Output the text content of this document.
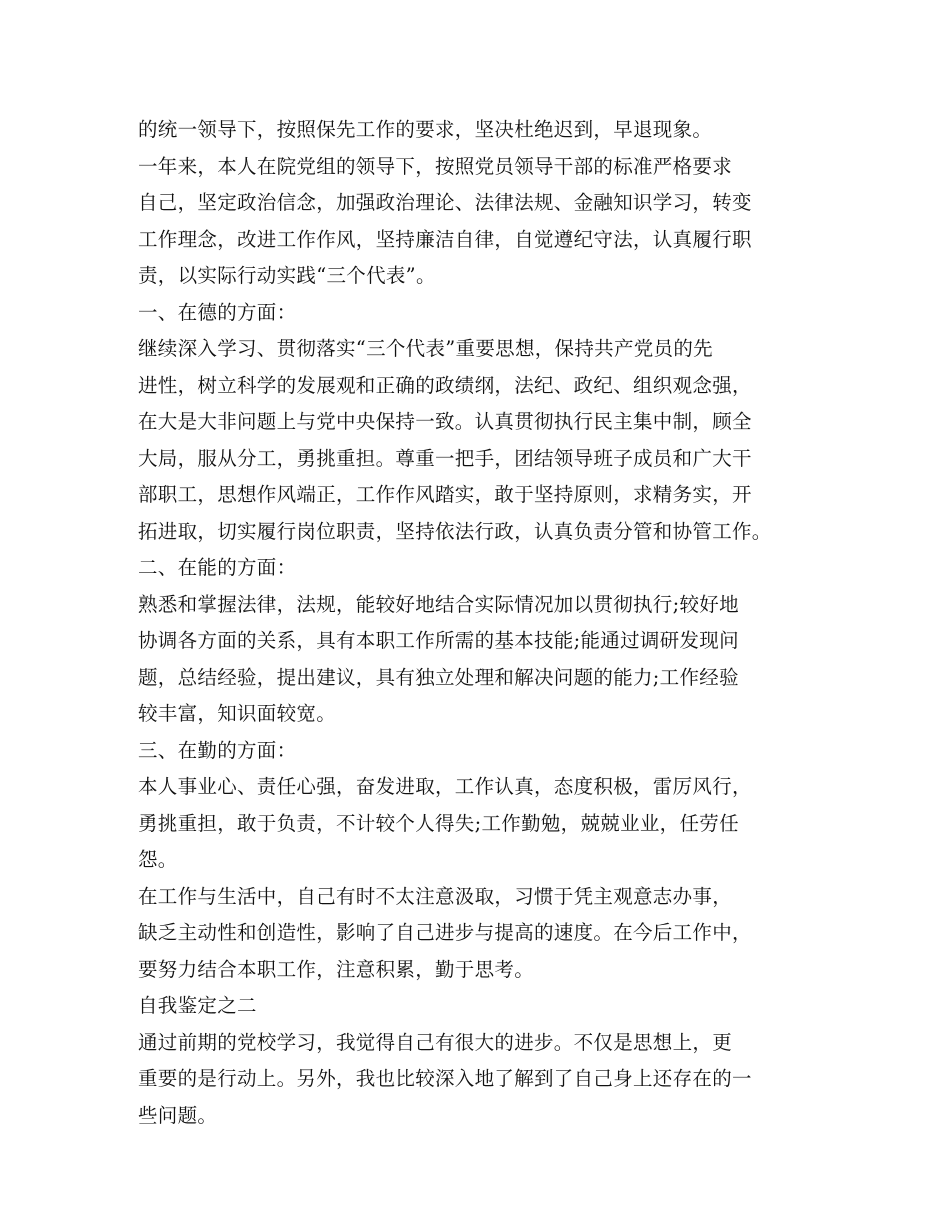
的统一领导下，按照保先工作的要求，坚决杜绝迟到，早退现象。
一年来，本人在院党组的领导下，按照党员领导干部的标准严格要求
自己，坚定政治信念，加强政治理论、法律法规、金融知识学习，转变
工作理念，改进工作作风，坚持廉洁自律，自觉遵纪守法，认真履行职
责，以实际行动实践“三个代表”。
一、在德的方面：
继续深入学习、贯彻落实“三个代表”重要思想，保持共产党员的先
进性，树立科学的发展观和正确的政绩纲，法纪、政纪、组织观念强，
在大是大非问题上与党中央保持一致。认真贯彻执行民主集中制，顾全
大局，服从分工，勇挑重担。尊重一把手，团结领导班子成员和广大干
部职工，思想作风端正，工作作风踏实，敢于坚持原则，求精务实，开
拓进取，切实履行岗位职责，坚持依法行政，认真负责分管和协管工作。
二、在能的方面：
熟悉和掌握法律，法规，能较好地结合实际情况加以贯彻执行;较好地
协调各方面的关系，具有本职工作所需的基本技能;能通过调研发现问
题，总结经验，提出建议，具有独立处理和解决问题的能力;工作经验
较丰富，知识面较宽。
三、在勤的方面：
本人事业心、责任心强，奋发进取，工作认真，态度积极，雷厉风行，
勇挑重担，敢于负责，不计较个人得失;工作勤勉，兢兢业业，任劳任
怨。
在工作与生活中，自己有时不太注意汲取，习惯于凭主观意志办事，
缺乏主动性和创造性，影响了自己进步与提高的速度。在今后工作中，
要努力结合本职工作，注意积累，勤于思考。
自我鉴定之二
通过前期的党校学习，我觉得自己有很大的进步。不仅是思想上，更
重要的是行动上。另外，我也比较深入地了解到了自己身上还存在的一
些问题。
